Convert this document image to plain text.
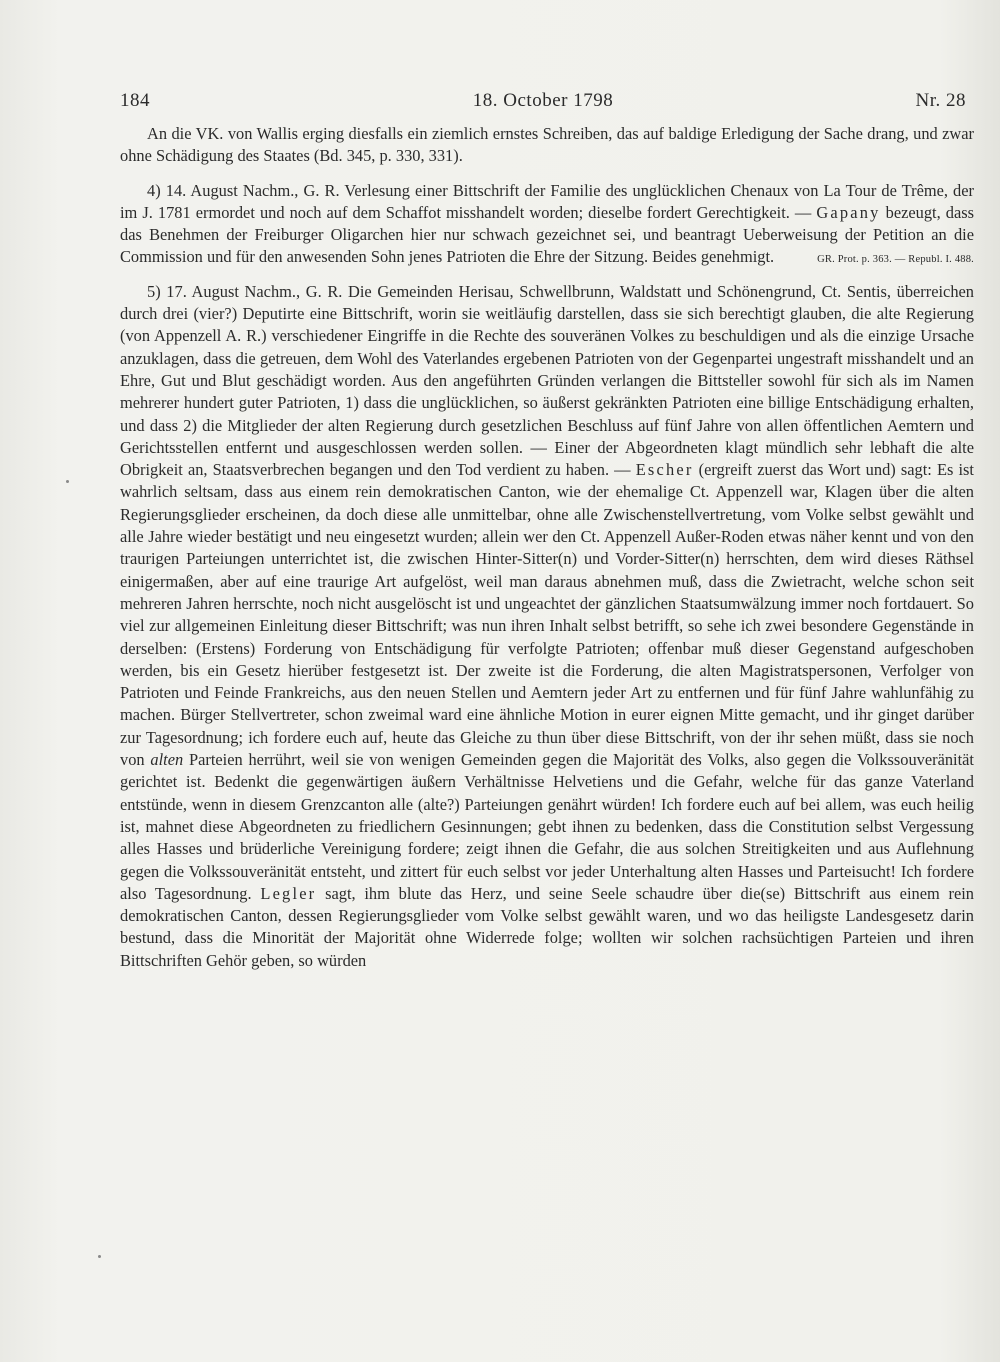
184	18. October 1798	Nr. 28

An die VK. von Wallis erging diesfalls ein ziemlich ernstes Schreiben, das auf baldige Erledigung der Sache drang, und zwar ohne Schädigung des Staates (Bd. 345, p. 330, 331).

4) 14. August Nachm., G. R. Verlesung einer Bittschrift der Familie des unglücklichen Chenaux von La Tour de Trême, der im J. 1781 ermordet und noch auf dem Schaffot misshandelt worden; dieselbe fordert Gerechtigkeit. — Gapany bezeugt, dass das Benehmen der Freiburger Oligarchen hier nur schwach gezeichnet sei, und beantragt Ueberweisung der Petition an die Commission und für den anwesenden Sohn jenes Patrioten die Ehre der Sitzung. Beides genehmigt.	GR. Prot. p. 363. — Republ. I. 488.

5) 17. August Nachm., G. R. Die Gemeinden Herisau, Schwellbrunn, Waldstatt und Schönengrund, Ct. Sentis, überreichen durch drei (vier?) Deputirte eine Bittschrift, worin sie weitläufig darstellen, dass sie sich berechtigt glauben, die alte Regierung (von Appenzell A. R.) verschiedener Eingriffe in die Rechte des souveränen Volkes zu beschuldigen und als die einzige Ursache anzuklagen, dass die getreuen, dem Wohl des Vaterlandes ergebenen Patrioten von der Gegenpartei ungestraft misshandelt und an Ehre, Gut und Blut geschädigt worden. Aus den angeführten Gründen verlangen die Bittsteller sowohl für sich als im Namen mehrerer hundert guter Patrioten, 1) dass die unglücklichen, so äußerst gekränkten Patrioten eine billige Entschädigung erhalten, und dass 2) die Mitglieder der alten Regierung durch gesetzlichen Beschluss auf fünf Jahre von allen öffentlichen Aemtern und Gerichtsstellen entfernt und ausgeschlossen werden sollen. — Einer der Abgeordneten klagt mündlich sehr lebhaft die alte Obrigkeit an, Staatsverbrechen begangen und den Tod verdient zu haben. — Escher (ergreift zuerst das Wort und) sagt: Es ist wahrlich seltsam, dass aus einem rein demokratischen Canton, wie der ehemalige Ct. Appenzell war, Klagen über die alten Regierungsglieder erscheinen, da doch diese alle unmittelbar, ohne alle Zwischenstellvertretung, vom Volke selbst gewählt und alle Jahre wieder bestätigt und neu eingesetzt wurden; allein wer den Ct. Appenzell Außer-Roden etwas näher kennt und von den traurigen Parteiungen unterrichtet ist, die zwischen Hinter-Sitter(n) und Vorder-Sitter(n) herrschten, dem wird dieses Räthsel einigermaßen, aber auf eine traurige Art aufgelöst, weil man daraus abnehmen muß, dass die Zwietracht, welche schon seit mehreren Jahren herrschte, noch nicht ausgelöscht ist und ungeachtet der gänzlichen Staatsumwälzung immer noch fortdauert. So viel zur allgemeinen Einleitung dieser Bittschrift; was nun ihren Inhalt selbst betrifft, so sehe ich zwei besondere Gegenstände in derselben: (Erstens) Forderung von Entschädigung für verfolgte Patrioten; offenbar muß dieser Gegenstand aufgeschoben werden, bis ein Gesetz hierüber festgesetzt ist. Der zweite ist die Forderung, die alten Magistratspersonen, Verfolger von Patrioten und Feinde Frankreichs, aus den neuen Stellen und Aemtern jeder Art zu entfernen und für fünf Jahre wahlunfähig zu machen. Bürger Stellvertreter, schon zweimal ward eine ähnliche Motion in eurer eignen Mitte gemacht, und ihr ginget darüber zur Tagesordnung; ich fordere euch auf, heute das Gleiche zu thun über diese Bittschrift, von der ihr sehen müßt, dass sie noch von alten Parteien herrührt, weil sie von wenigen Gemeinden gegen die Majorität des Volks, also gegen die Volkssouveränität gerichtet ist. Bedenkt die gegenwärtigen äußern Verhältnisse Helvetiens und die Gefahr, welche für das ganze Vaterland entstünde, wenn in diesem Grenzcanton alle (alte?) Parteiungen genährt würden! Ich fordere euch auf bei allem, was euch heilig ist, mahnet diese Abgeordneten zu friedlichern Gesinnungen; gebt ihnen zu bedenken, dass die Constitution selbst Vergessung alles Hasses und brüderliche Vereinigung fordere; zeigt ihnen die Gefahr, die aus solchen Streitigkeiten und aus Auflehnung gegen die Volkssouveränität entsteht, und zittert für euch selbst vor jeder Unterhaltung alten Hasses und Parteisucht! Ich fordere also Tagesordnung. Legler sagt, ihm blute das Herz, und seine Seele schaudre über die(se) Bittschrift aus einem rein demokratischen Canton, dessen Regierungsglieder vom Volke selbst gewählt waren, und wo das heiligste Landesgesetz darin bestund, dass die Minorität der Majorität ohne Widerrede folge; wollten wir solchen rachsüchtigen Parteien und ihren Bittschriften Gehör geben, so würden
